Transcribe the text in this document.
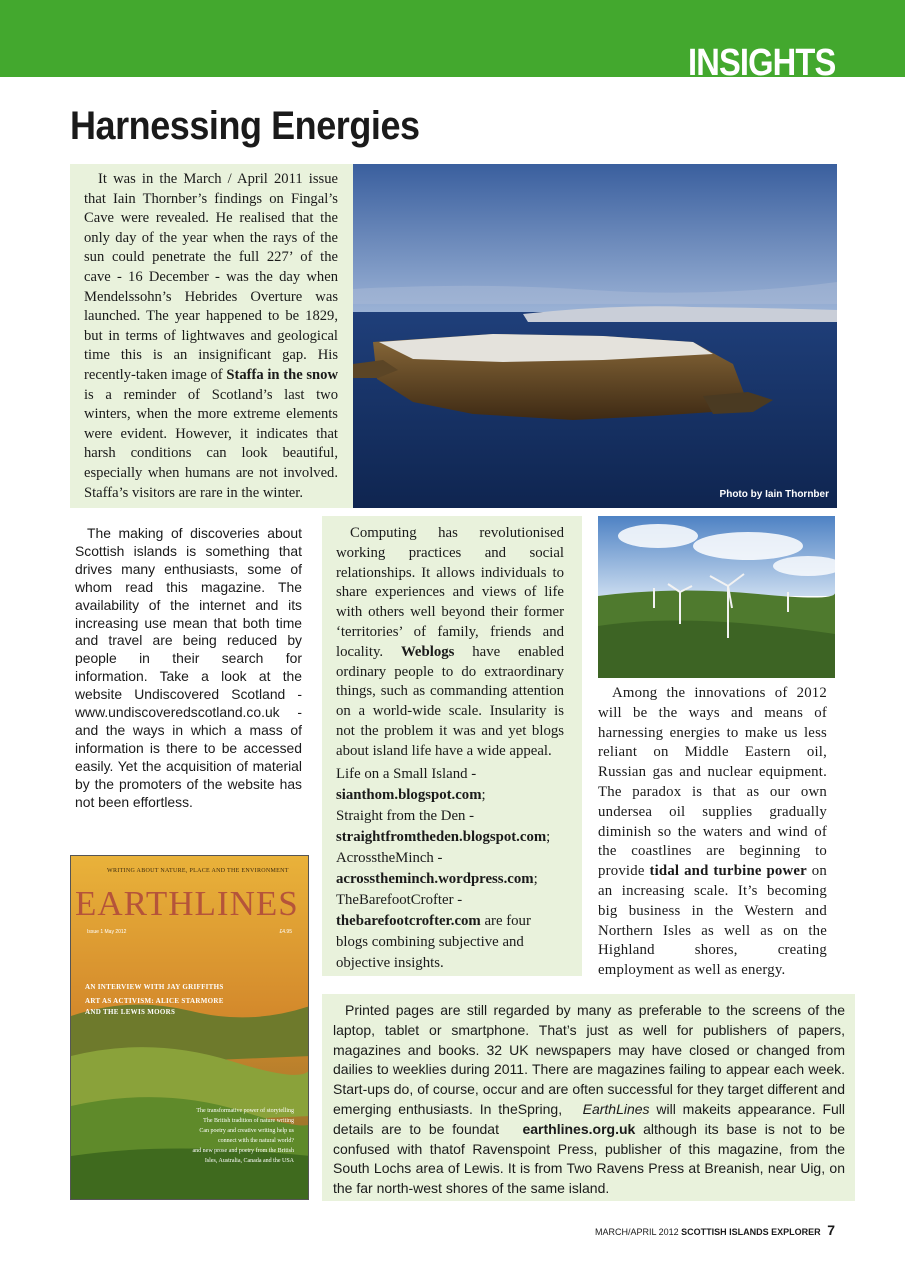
INSIGHTS
Harnessing Energies

It was in the March / April 2011 issue that Iain Thornber’s findings on Fingal’s Cave were revealed. He realised that the only day of the year when the rays of the sun could penetrate the full 227’ of the cave - 16 December - was the day when Mendelssohn’s Hebrides Overture was launched. The year happened to be 1829, but in terms of lightwaves and geological time this is an insignificant gap. His recently-taken image of Staffa in the snow is a reminder of Scotland’s last two winters, when the more extreme elements were evident. However, it indicates that harsh conditions can look beautiful, especially when humans are not involved. Staffa’s visitors are rare in the winter.	Photo by Iain Thornber

The making of discoveries about Scottish islands is something that drives many enthusiasts, some of whom read this magazine. The availability of the internet and its increasing use mean that both time and travel are being reduced by people in their search for information. Take a look at the website Undiscovered Scotland - www.undiscoveredscotland.co.uk - and the ways in which a mass of information is there to be accessed easily. Yet the acquisition of material by the promoters of the website has not been effortless.

WRITING ABOUT NATURE, PLACE AND THE ENVIRONMENT
EARTHLINES
Issue 1 May 2012	£4.95
AN INTERVIEW WITH JAY GRIFFITHS
ART AS ACTIVISM: ALICE STARMORE
AND THE LEWIS MOORS
The transformative power of storytelling
The British tradition of nature writing
Can poetry and creative writing help us
connect with the natural world?
and new prose and poetry from the British
Isles, Australia, Canada and the USA

Computing has revolutionised working practices and social relationships. It allows individuals to share experiences and views of life with others well beyond their former ‘territories’ of family, friends and locality. Weblogs have enabled ordinary people to do extraordinary things, such as commanding attention on a world-wide scale. Insularity is not the problem it was and yet blogs about island life have a wide appeal.

Life on a Small Island -
sianthom.blogspot.com;
Straight from the Den -
straightfromtheden.blogspot.com;
AcrosstheMinch -
acrosstheminch.wordpress.com;
TheBarefootCrofter -
thebarefootcrofter.com are four blogs combining subjective and objective insights.

Among the innovations of 2012 will be the ways and means of harnessing energies to make us less reliant on Middle Eastern oil, Russian gas and nuclear equipment. The paradox is that as our own undersea oil supplies gradually diminish so the waters and wind of the coastlines are beginning to provide tidal and turbine power on an increasing scale. It’s becoming big business in the Western and Northern Isles as well as on the Highland shores, creating employment as well as energy.

Printed pages are still regarded by many as preferable to the screens of the laptop, tablet or smartphone. That’s just as well for publishers of papers, magazines and books. 32 UK newspapers may have closed or changed from dailies to weeklies during 2011. There are magazines failing to appear each week. Start-ups do, of course, occur and are often successful for they target different and emerging enthusiasts. In theSpring, EarthLines will makeits appearance. Full details are to be foundat earthlines.org.uk although its base is not to be confused with thatof Ravenspoint Press, publisher of this magazine, from the South Lochs area of Lewis. It is from Two Ravens Press at Breanish, near Uig, on the far north-west shores of the same island.

MARCH/APRIL 2012 SCOTTISH ISLANDS EXPLORER 7
